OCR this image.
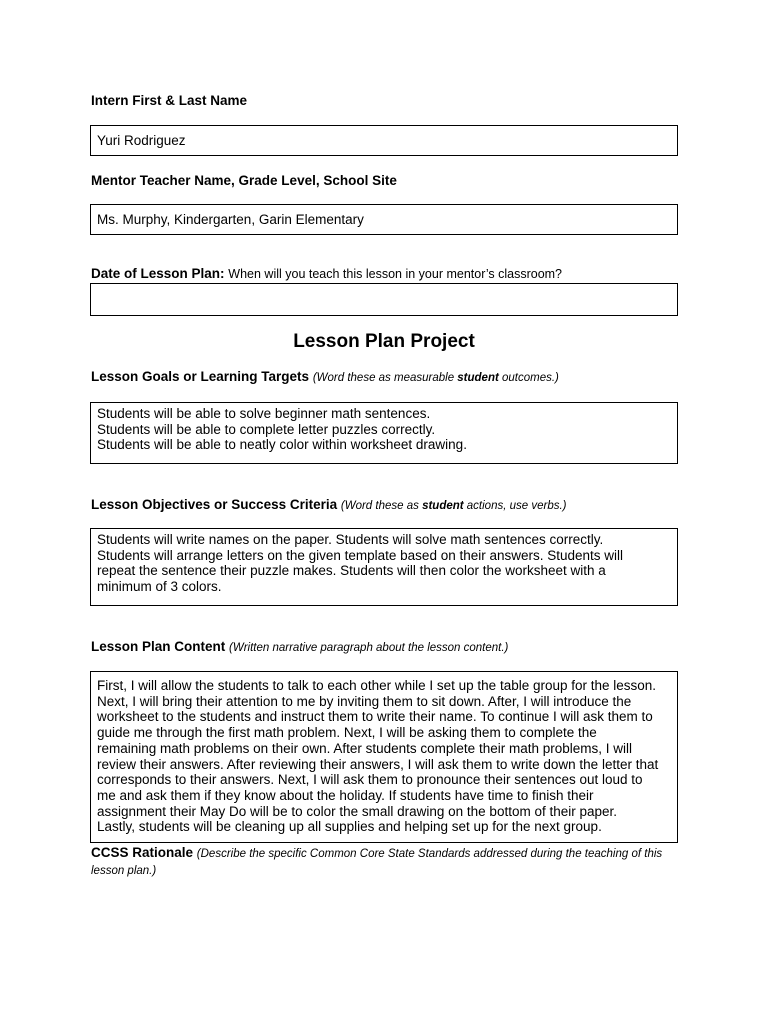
Intern First & Last Name
Yuri Rodriguez
Mentor Teacher Name, Grade Level, School Site
Ms. Murphy, Kindergarten, Garin Elementary
Date of Lesson Plan: When will you teach this lesson in your mentor’s classroom?
Lesson Plan Project
Lesson Goals or Learning Targets (Word these as measurable student outcomes.)
Students will be able to solve beginner math sentences.
Students will be able to complete letter puzzles correctly.
Students will be able to neatly color within worksheet drawing.
Lesson Objectives or Success Criteria (Word these as student actions, use verbs.)
Students will write names on the paper. Students will solve math sentences correctly.
Students will arrange letters on the given template based on their answers. Students will
repeat the sentence their puzzle makes. Students will then color the worksheet with a
minimum of 3 colors.
Lesson Plan Content (Written narrative paragraph about the lesson content.)
First, I will allow the students to talk to each other while I set up the table group for the lesson.
Next, I will bring their attention to me by inviting them to sit down. After, I will introduce the
worksheet to the students and instruct them to write their name. To continue I will ask them to
guide me through the first math problem. Next, I will be asking them to complete the
remaining math problems on their own. After students complete their math problems, I will
review their answers. After reviewing their answers, I will ask them to write down the letter that
corresponds to their answers. Next, I will ask them to pronounce their sentences out loud to
me and ask them if they know about the holiday. If students have time to finish their
assignment their May Do will be to color the small drawing on the bottom of their paper.
Lastly, students will be cleaning up all supplies and helping set up for the next group.
CCSS Rationale (Describe the specific Common Core State Standards addressed during the teaching of this lesson plan.)
